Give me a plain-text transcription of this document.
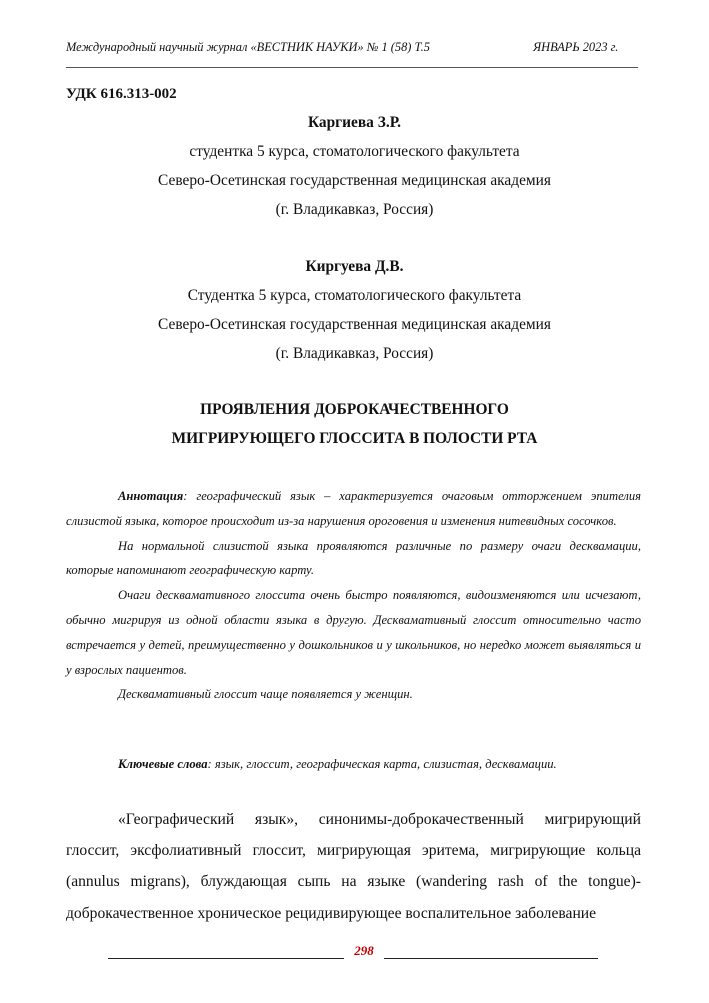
Международный научный журнал «ВЕСТНИК НАУКИ» № 1 (58) Т.5	ЯНВАРЬ 2023 г.
УДК 616.313-002
Каргиева З.Р.
студентка 5 курса, стоматологического факультета
Северо-Осетинская государственная медицинская академия
(г. Владикавказ, Россия)
Киргуева Д.В.
Студентка 5 курса, стоматологического факультета
Северо-Осетинская государственная медицинская академия
(г. Владикавказ, Россия)
ПРОЯВЛЕНИЯ ДОБРОКАЧЕСТВЕННОГО
МИГРИРУЮЩЕГО ГЛОССИТА В ПОЛОСТИ РТА

Аннотация: географический язык – характеризуется очаговым отторжением эпителия слизистой языка, которое происходит из-за нарушения ороговения и изменения нитевидных сосочков.

На нормальной слизистой языка проявляются различные по размеру очаги десквамации, которые напоминают географическую карту.

Очаги десквамативного глоссита очень быстро появляются, видоизменяются или исчезают, обычно мигрируя из одной области языка в другую. Десквамативный глоссит относительно часто встречается у детей, преимущественно у дошкольников и у школьников, но нередко может выявляться и у взрослых пациентов.

Десквамативный глоссит чаще появляется у женщин.

Ключевые слова: язык, глоссит, географическая карта, слизистая, десквамации.

«Географический язык», синонимы-доброкачественный мигрирующий глоссит, эксфолиативный глоссит, мигрирующая эритема, мигрирующие кольца (annulus migrans), блуждающая сыпь на языке (wandering rash of the tongue)-доброкачественное хроническое рецидивирующее воспалительное заболевание

298
